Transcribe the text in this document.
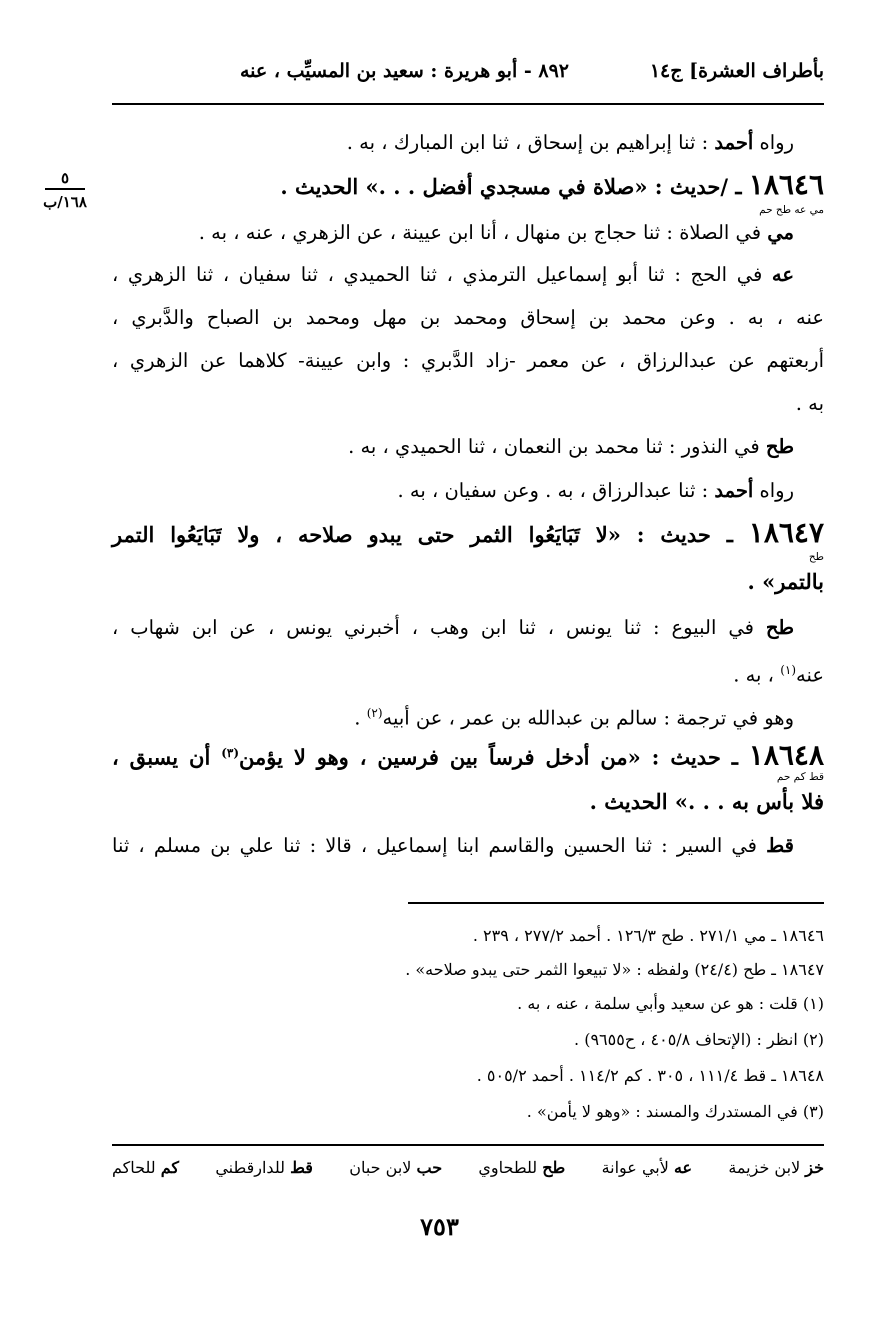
بأطراف العشرة] ج١٤
٨٩٢ - أبو هريرة : سعيد بن المسيِّب ، عنه
٥
١٦٨/ب
رواه أحمد : ثنا إبراهيم بن إسحاق ، ثنا ابن المبارك ، به .
١٨٦٤٦ ـ /حديث : «صلاة في مسجدي أفضل . . .» الحديث .
مي عه طح حم
مي في الصلاة : ثنا حجاج بن منهال ، أنا ابن عيينة ، عن الزهري ، عنه ، به .
عه في الحج : ثنا أبو إسماعيل الترمذي ، ثنا الحميدي ، ثنا سفيان ، ثنا الزهري ،
عنه ، به . وعن محمد بن إسحاق ومحمد بن مهل ومحمد بن الصباح والدَّبري ،
أربعتهم عن عبدالرزاق ، عن معمر -زاد الدَّبري : وابن عيينة- كلاهما عن الزهري ،
به .
طح في النذور : ثنا محمد بن النعمان ، ثنا الحميدي ، به .
رواه أحمد : ثنا عبدالرزاق ، به . وعن سفيان ، به .
١٨٦٤٧ ـ حديث : «لا تَبَايَعُوا الثمر حتى يبدو صلاحه ، ولا تَبَايَعُوا التمر
طح
بالتمر» .
طح في البيوع : ثنا يونس ، ثنا ابن وهب ، أخبرني يونس ، عن ابن شهاب ،
عنه$^{(١)}$ ، به .
وهو في ترجمة : سالم بن عبدالله بن عمر ، عن أبيه$^{(٢)}$ .
١٨٦٤٨ ـ حديث : «من أدخل فرساً بين فرسين ، وهو لا يؤمن$^{(٣)}$ أن يسبق ،
قط كم حم
فلا بأس به . . .» الحديث .
قط في السير : ثنا الحسين والقاسم ابنا إسماعيل ، قالا : ثنا علي بن مسلم ، ثنا
١٨٦٤٦ ـ مي ٢٧١/١ . طح ١٢٦/٣ . أحمد ٢٧٧/٢ ، ٢٣٩ .
١٨٦٤٧ ـ طح (٢٤/٤) ولفظه : «لا تبيعوا الثمر حتى يبدو صلاحه» .
(١) قلت : هو عن سعيد وأبي سلمة ، عنه ، به .
(٢) انظر : (الإتحاف ٤٠٥/٨ ، ح٩٦٥٥) .
١٨٦٤٨ ـ قط ١١١/٤ ، ٣٠٥ . كم ١١٤/٢ . أحمد ٥٠٥/٢ .
(٣) في المستدرك والمسند : «وهو لا يأمن» .
خز لابن خزيمة
عه لأبي عوانة
طح للطحاوي
حب لابن حبان
قط للدارقطني
كم للحاكم
٧٥٣
